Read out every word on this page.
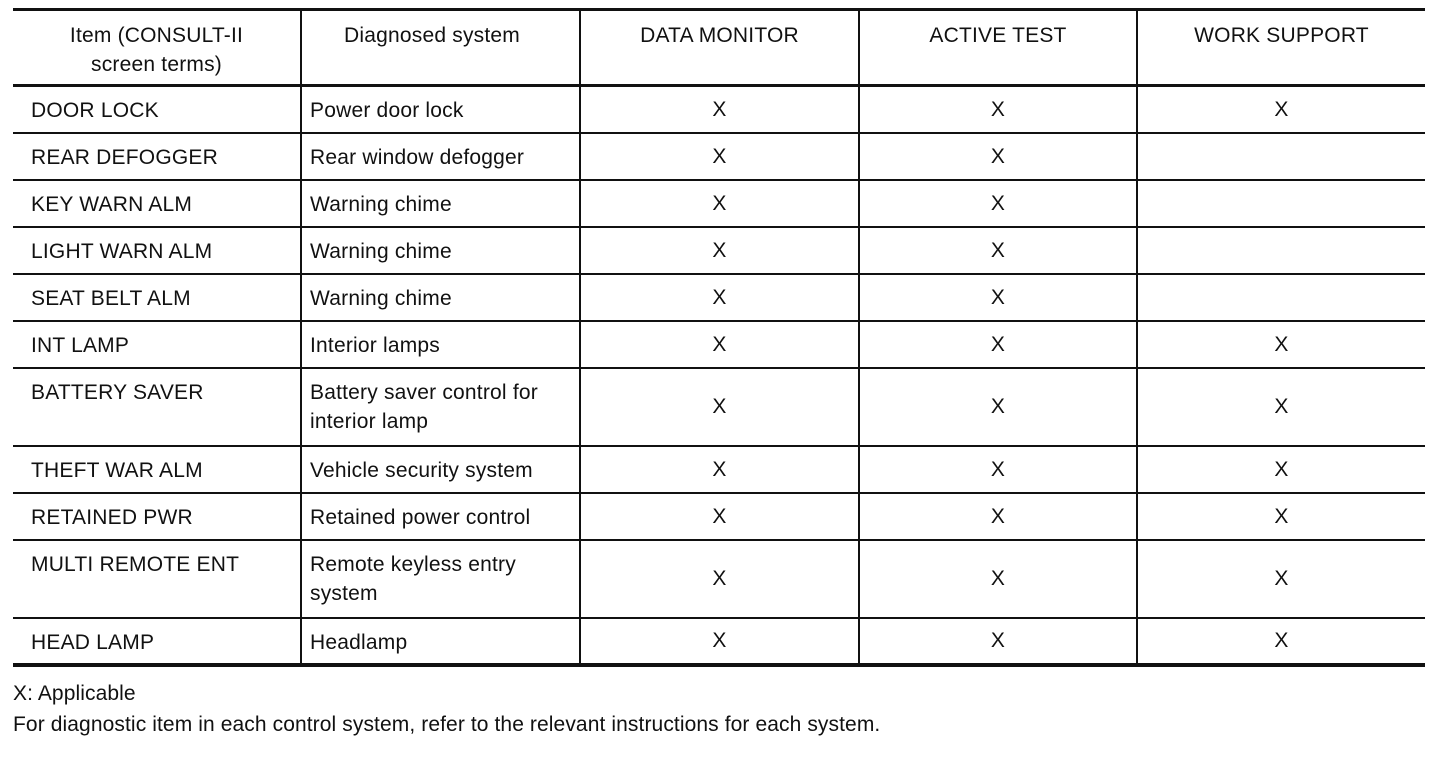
Item (CONSULT-II screen terms)	Diagnosed system	DATA MONITOR	ACTIVE TEST	WORK SUPPORT
DOOR LOCK	Power door lock	X	X	X
REAR DEFOGGER	Rear window defogger	X	X	
KEY WARN ALM	Warning chime	X	X	
LIGHT WARN ALM	Warning chime	X	X	
SEAT BELT ALM	Warning chime	X	X	
INT LAMP	Interior lamps	X	X	X
BATTERY SAVER	Battery saver control for interior lamp	X	X	X
THEFT WAR ALM	Vehicle security system	X	X	X
RETAINED PWR	Retained power control	X	X	X
MULTI REMOTE ENT	Remote keyless entry system	X	X	X
HEAD LAMP	Headlamp	X	X	X
X: Applicable
For diagnostic item in each control system, refer to the relevant instructions for each system.
